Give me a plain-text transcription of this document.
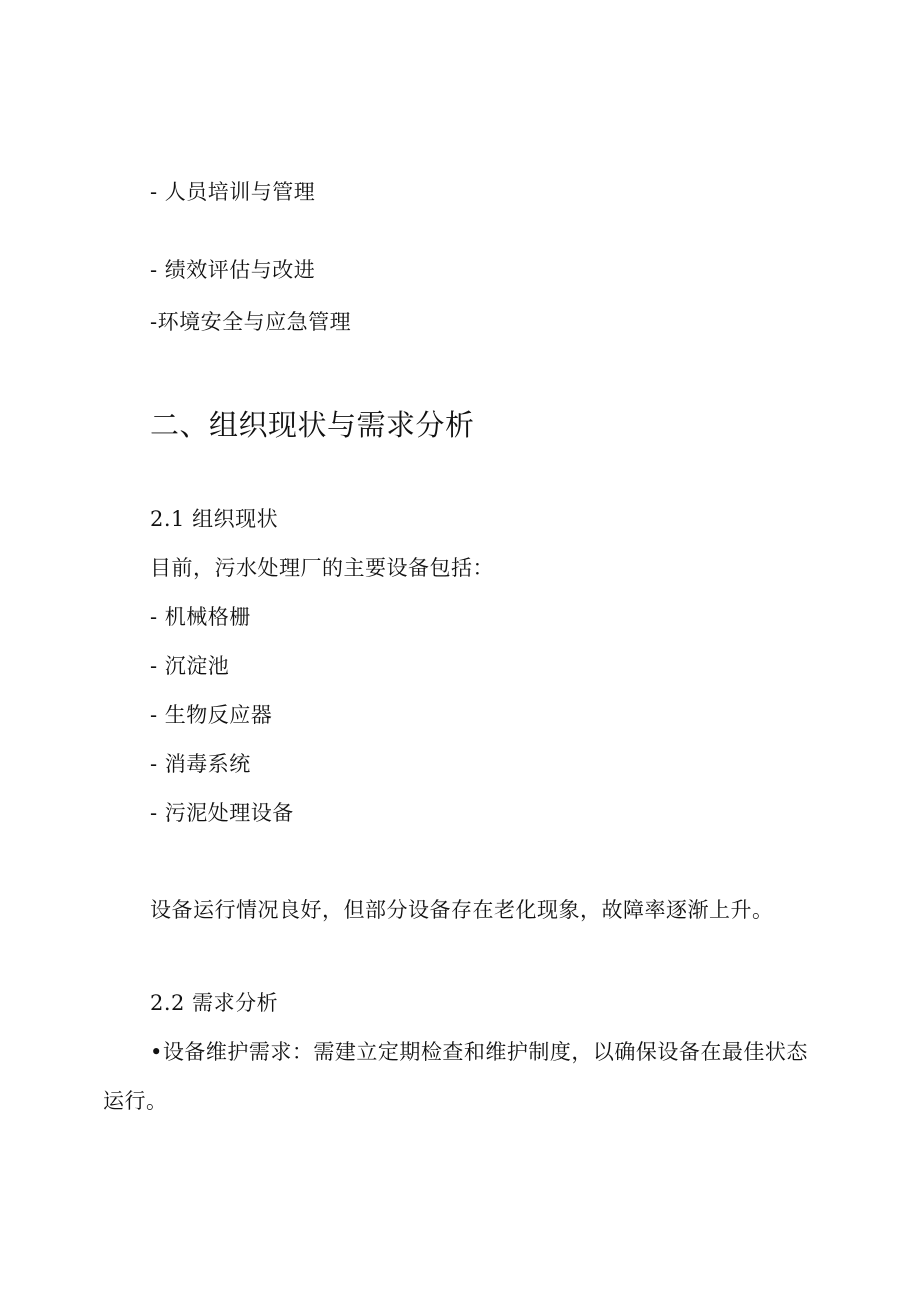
- 人员培训与管理
- 绩效评估与改进
-环境安全与应急管理
二、组织现状与需求分析
2.1 组织现状
目前，污水处理厂的主要设备包括：
- 机械格栅
- 沉淀池
- 生物反应器
- 消毒系统
- 污泥处理设备
设备运行情况良好，但部分设备存在老化现象，故障率逐渐上升。
2.2 需求分析
•设备维护需求：需建立定期检查和维护制度，以确保设备在最佳状态
运行。
